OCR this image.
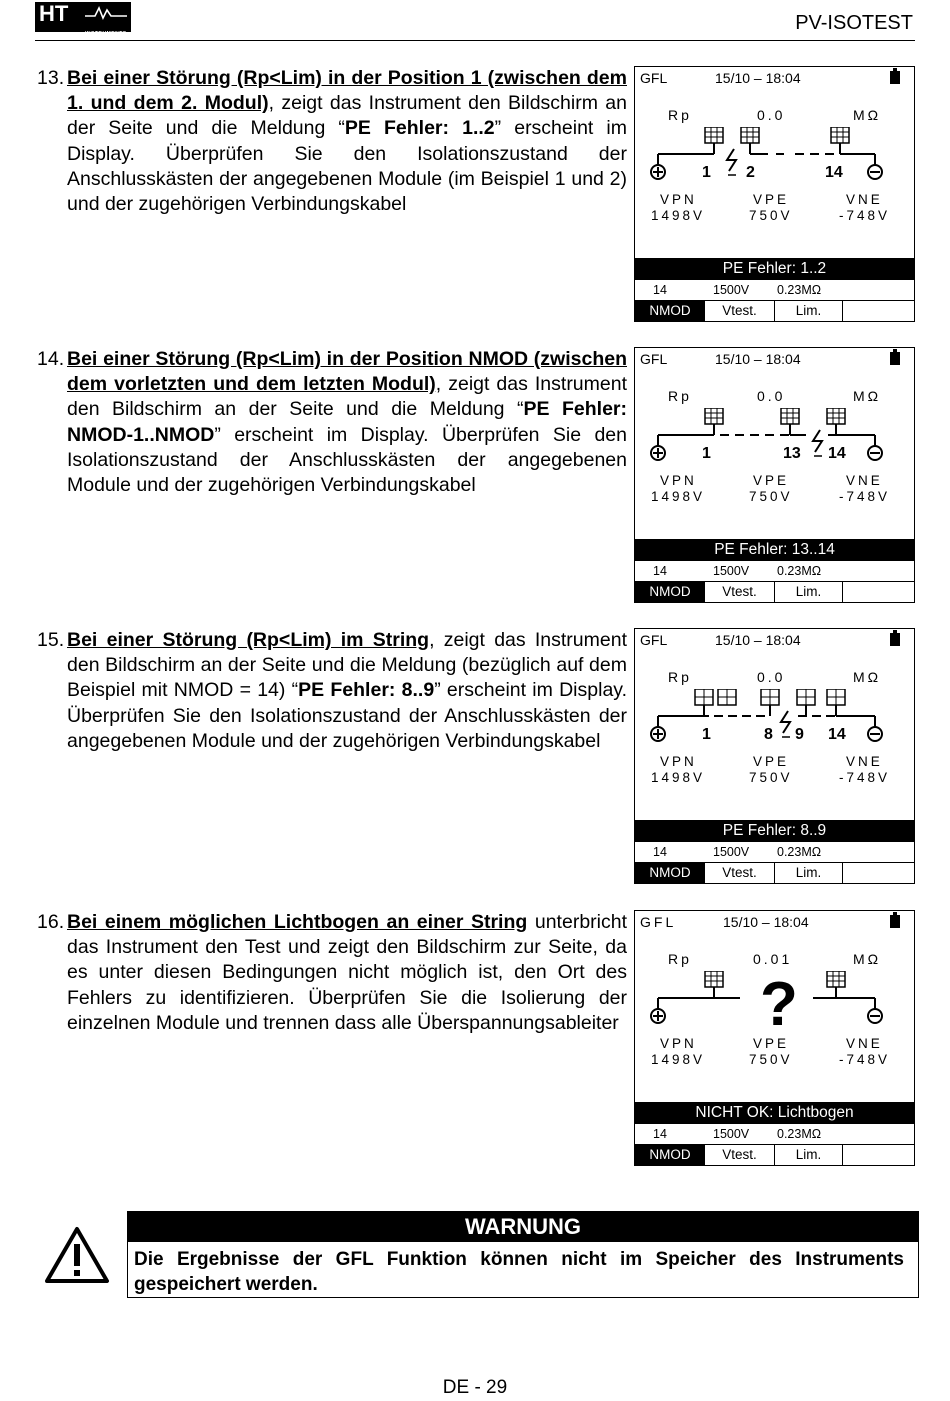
HT
INSTRUMENTS	PV-ISOTEST
13. Bei einer Störung (Rp<Lim) in der Position 1 (zwischen dem 1. und dem 2. Modul), zeigt das Instrument den Bildschirm an der Seite und die Meldung “PE Fehler: 1..2” erscheint im Display. Überprüfen Sie den Isolationszustand der Anschlusskästen der angegebenen Module (im Beispiel 1 und 2) und der zugehörigen Verbindungskabel
GFL	15/10 – 18:04
Rp	0.0	MΩ
1 2	14
VPN	VPE	VNE
1498V	750V	-748V
PE Fehler: 1..2
14	1500V 0.23MΩ
NMOD	Vtest.	Lim.
14. Bei einer Störung (Rp<Lim) in der Position NMOD (zwischen dem vorletzten und dem letzten Modul), zeigt das Instrument den Bildschirm an der Seite und die Meldung “PE Fehler: NMOD-1..NMOD” erscheint im Display. Überprüfen Sie den Isolationszustand der Anschlusskästen der angegebenen Module und der zugehörigen Verbindungskabel
GFL	15/10 – 18:04
Rp	0.0	MΩ
1	13 14
VPN	VPE	VNE
1498V	750V	-748V
PE Fehler: 13..14
14	1500V 0.23MΩ
NMOD	Vtest.	Lim.
15. Bei einer Störung (Rp<Lim) im String, zeigt das Instrument den Bildschirm an der Seite und die Meldung (bezüglich auf dem Beispiel mit NMOD = 14) “PE Fehler: 8..9” erscheint im Display. Überprüfen Sie den Isolationszustand der Anschlusskästen der angegebenen Module und der zugehörigen Verbindungskabel
GFL	15/10 – 18:04
Rp	0.0	MΩ
1	8 9 14
VPN	VPE	VNE
1498V	750V	-748V
PE Fehler: 8..9
14	1500V 0.23MΩ
NMOD	Vtest.	Lim.
16. Bei einem möglichen Lichtbogen an einer String unterbricht das Instrument den Test und zeigt den Bildschirm zur Seite, da es unter diesen Bedingungen nicht möglich ist, den Ort des Fehlers zu identifizieren. Überprüfen Sie die Isolierung der einzelnen Module und trennen dass alle Überspannungsableiter
GFL	15/10 – 18:04
Rp	0.01	MΩ
?
VPN	VPE	VNE
1498V	750V	-748V
NICHT OK: Lichtbogen
14	1500V 0.23MΩ
NMOD	Vtest.	Lim.
WARNUNG
Die Ergebnisse der GFL Funktion können nicht im Speicher des Instruments gespeichert werden.
DE - 29
